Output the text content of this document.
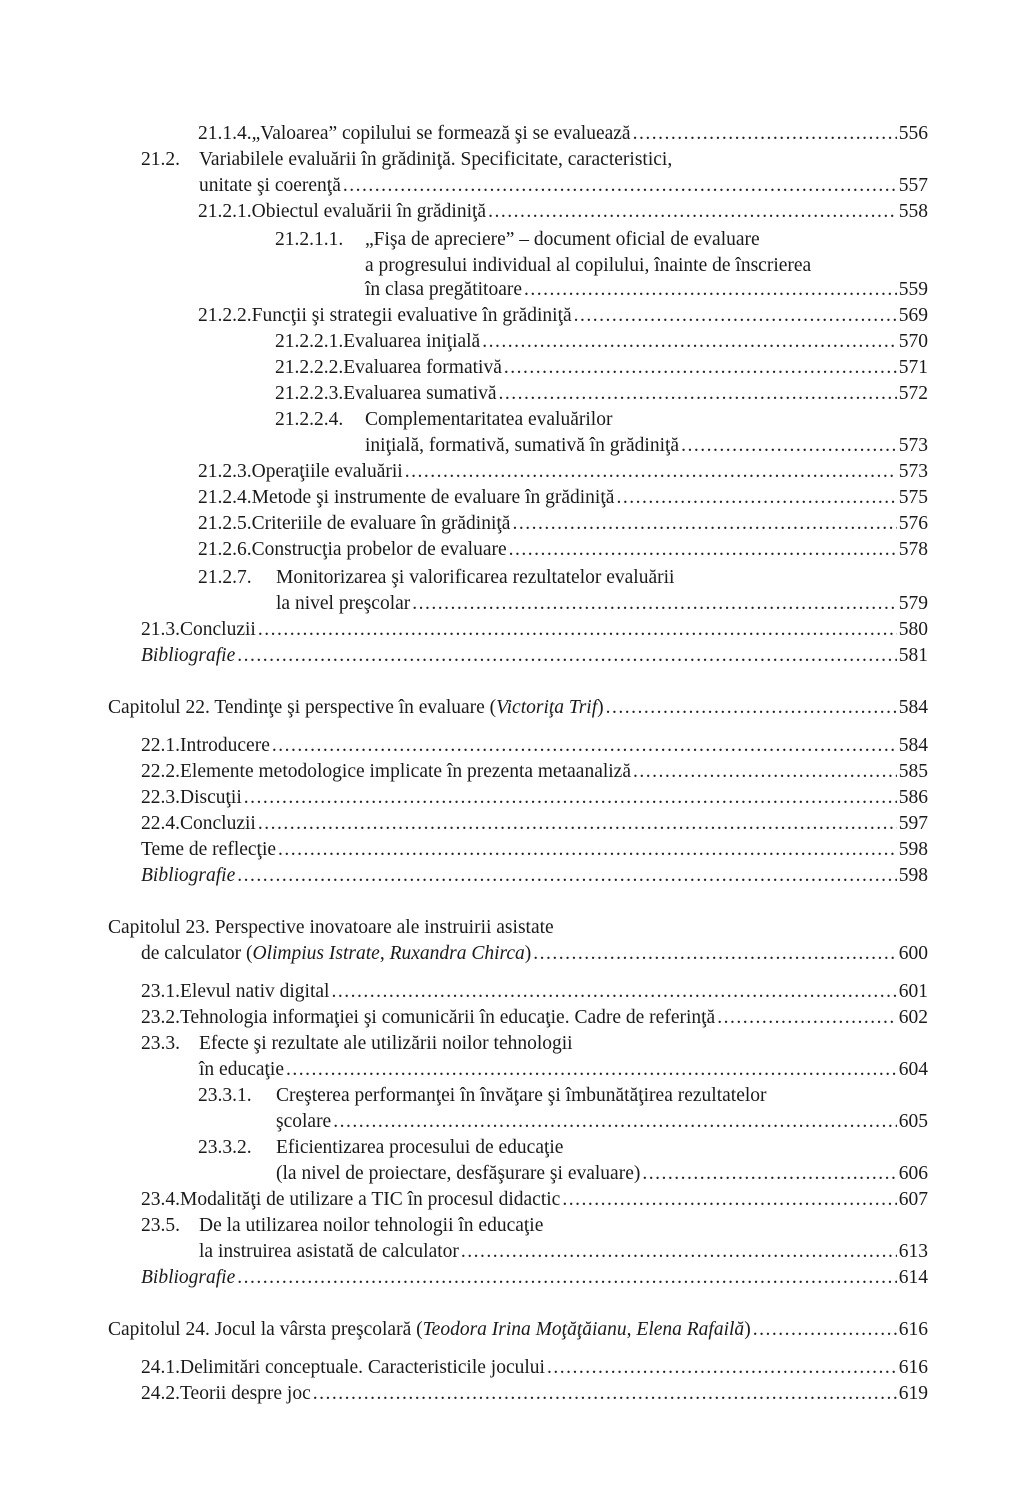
21.1.4. „Valoarea” copilului se formează şi se evaluează .....	556
21.2. Variabilele evaluării în grădiniţă. Specificitate, caracteristici,
unitate şi coerenţă .....	557
21.2.1. Obiectul evaluării în grădiniţă .....	558
21.2.1.1.	„Fişa de apreciere” – document oficial de evaluare
a progresului individual al copilului, înainte de înscrierea
în clasa pregătitoare .....	559
21.2.2. Funcţii şi strategii evaluative în grădiniţă .....	569
21.2.2.1. Evaluarea iniţială .....	570
21.2.2.2. Evaluarea formativă .....	571
21.2.2.3. Evaluarea sumativă .....	572
21.2.2.4.	Complementaritatea evaluărilor
iniţială, formativă, sumativă în grădiniţă .....	573
21.2.3. Operaţiile evaluării .....	573
21.2.4. Metode şi instrumente de evaluare în grădiniţă .....	575
21.2.5. Criteriile de evaluare în grădiniţă .....	576
21.2.6. Construcţia probelor de evaluare .....	578
21.2.7.	Monitorizarea şi valorificarea rezultatelor evaluării
la nivel preşcolar .....	579
21.3. Concluzii .....	580
Bibliografie .....	581
Capitolul 22. Tendinţe şi perspective în evaluare (Victoriţa Trif) .....	584
22.1. Introducere .....	584
22.2. Elemente metodologice implicate în prezenta metaanaliză .....	585
22.3. Discuţii .....	586
22.4. Concluzii .....	597
Teme de reflecţie .....	598
Bibliografie .....	598
Capitolul 23. Perspective inovatoare ale instruirii asistate
de calculator (Olimpius Istrate, Ruxandra Chirca) .....	600
23.1. Elevul nativ digital .....	601
23.2. Tehnologia informaţiei şi comunicării în educaţie. Cadre de referinţă .....	602
23.3. Efecte şi rezultate ale utilizării noilor tehnologii
în educaţie .....	604
23.3.1.	Creşterea performanţei în învăţare şi îmbunătăţirea rezultatelor
şcolare .....	605
23.3.2.	Eficientizarea procesului de educaţie
(la nivel de proiectare, desfăşurare şi evaluare) .....	606
23.4. Modalităţi de utilizare a TIC în procesul didactic .....	607
23.5. De la utilizarea noilor tehnologii în educaţie
la instruirea asistată de calculator .....	613
Bibliografie .....	614
Capitolul 24. Jocul la vârsta preşcolară (Teodora Irina Moţăţăianu, Elena Rafailă) .....	616
24.1. Delimitări conceptuale. Caracteristicile jocului .....	616
24.2. Teorii despre joc .....	619
